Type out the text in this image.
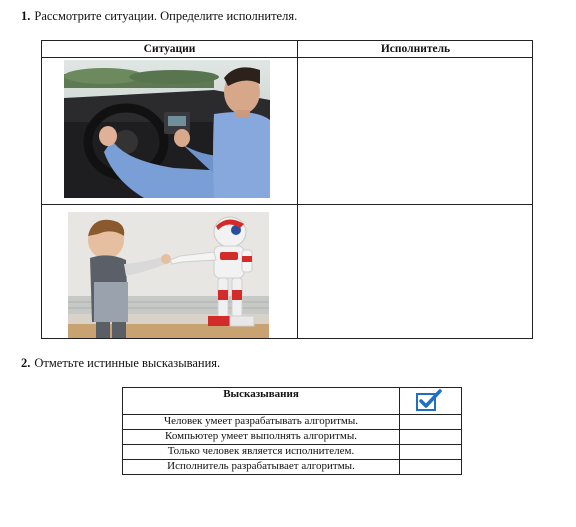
1. Рассмотрите ситуации. Определите исполнителя.
Ситуации	Исполнитель
2. Отметьте истинные высказывания.
Высказывания
Человек умеет разрабатывать алгоритмы.
Компьютер умеет выполнять алгоритмы.
Только человек является исполнителем.
Исполнитель разрабатывает алгоритмы.
